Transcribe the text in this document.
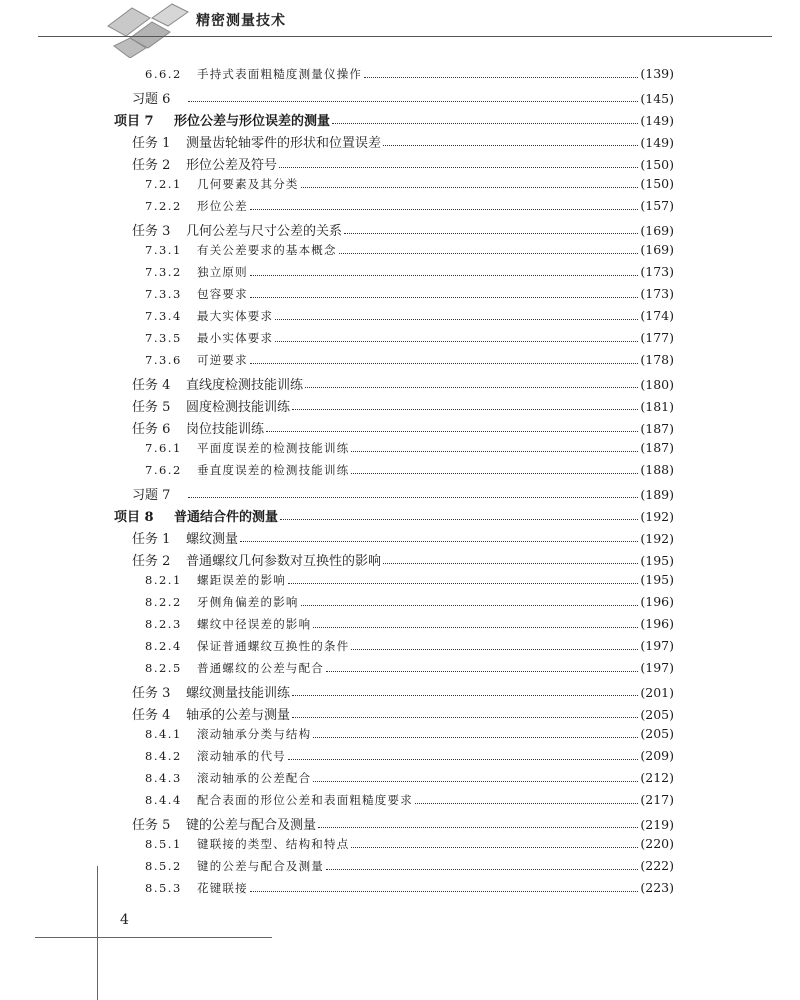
精密测量技术
6.6.2	手持式表面粗糙度测量仪操作	(139)
习题 6	(145)
项目 7	形位公差与形位误差的测量	(149)
任务 1	测量齿轮轴零件的形状和位置误差	(149)
任务 2	形位公差及符号	(150)
7.2.1	几何要素及其分类	(150)
7.2.2	形位公差	(157)
任务 3	几何公差与尺寸公差的关系	(169)
7.3.1	有关公差要求的基本概念	(169)
7.3.2	独立原则	(173)
7.3.3	包容要求	(173)
7.3.4	最大实体要求	(174)
7.3.5	最小实体要求	(177)
7.3.6	可逆要求	(178)
任务 4	直线度检测技能训练	(180)
任务 5	圆度检测技能训练	(181)
任务 6	岗位技能训练	(187)
7.6.1	平面度误差的检测技能训练	(187)
7.6.2	垂直度误差的检测技能训练	(188)
习题 7	(189)
项目 8	普通结合件的测量	(192)
任务 1	螺纹测量	(192)
任务 2	普通螺纹几何参数对互换性的影响	(195)
8.2.1	螺距误差的影响	(195)
8.2.2	牙侧角偏差的影响	(196)
8.2.3	螺纹中径误差的影响	(196)
8.2.4	保证普通螺纹互换性的条件	(197)
8.2.5	普通螺纹的公差与配合	(197)
任务 3	螺纹测量技能训练	(201)
任务 4	轴承的公差与测量	(205)
8.4.1	滚动轴承分类与结构	(205)
8.4.2	滚动轴承的代号	(209)
8.4.3	滚动轴承的公差配合	(212)
8.4.4	配合表面的形位公差和表面粗糙度要求	(217)
任务 5	键的公差与配合及测量	(219)
8.5.1	键联接的类型、结构和特点	(220)
8.5.2	键的公差与配合及测量	(222)
8.5.3	花键联接	(223)
4
